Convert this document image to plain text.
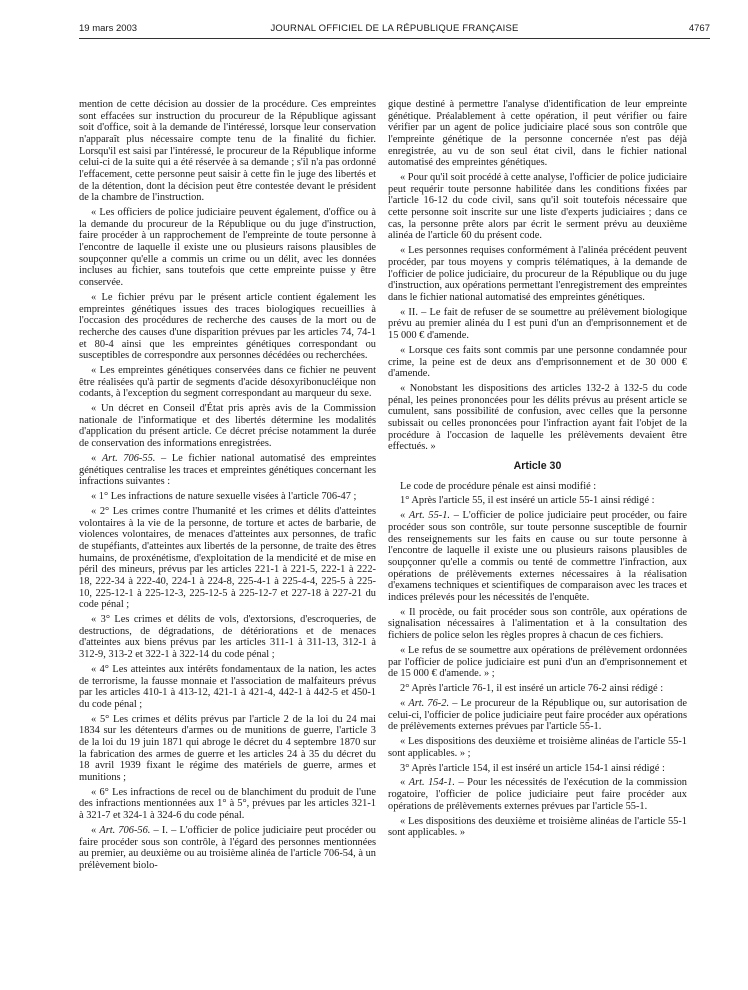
19 mars 2003	JOURNAL OFFICIEL DE LA RÉPUBLIQUE FRANÇAISE	4767

mention de cette décision au dossier de la procédure. Ces empreintes sont effacées sur instruction du procureur de la République agissant soit d'office, soit à la demande de l'intéressé, lorsque leur conservation n'apparaît plus nécessaire compte tenu de la finalité du fichier. Lorsqu'il est saisi par l'intéressé, le procureur de la République informe celui-ci de la suite qui a été réservée à sa demande ; s'il n'a pas ordonné l'effacement, cette personne peut saisir à cette fin le juge des libertés et de la détention, dont la décision peut être contestée devant le président de la chambre de l'instruction.

« Les officiers de police judiciaire peuvent également, d'office ou à la demande du procureur de la République ou du juge d'instruction, faire procéder à un rapprochement de l'empreinte de toute personne à l'encontre de laquelle il existe une ou plusieurs raisons plausibles de soupçonner qu'elle a commis un crime ou un délit, avec les données incluses au fichier, sans toutefois que cette empreinte puisse y être conservée.

« Le fichier prévu par le présent article contient également les empreintes génétiques issues des traces biologiques recueillies à l'occasion des procédures de recherche des causes de la mort ou de recherche des causes d'une disparition prévues par les articles 74, 74-1 et 80-4 ainsi que les empreintes génétiques correspondant ou susceptibles de correspondre aux personnes décédées ou recherchées.

« Les empreintes génétiques conservées dans ce fichier ne peuvent être réalisées qu'à partir de segments d'acide désoxyribonucléique non codants, à l'exception du segment correspondant au marqueur du sexe.

« Un décret en Conseil d'État pris après avis de la Commission nationale de l'informatique et des libertés détermine les modalités d'application du présent article. Ce décret précise notamment la durée de conservation des informations enregistrées.

« Art. 706-55. – Le fichier national automatisé des empreintes génétiques centralise les traces et empreintes génétiques concernant les infractions suivantes :

« 1° Les infractions de nature sexuelle visées à l'article 706-47 ;

« 2° Les crimes contre l'humanité et les crimes et délits d'atteintes volontaires à la vie de la personne, de torture et actes de barbarie, de violences volontaires, de menaces d'atteintes aux personnes, de trafic de stupéfiants, d'atteintes aux libertés de la personne, de traite des êtres humains, de proxénétisme, d'exploitation de la mendicité et de mise en péril des mineurs, prévus par les articles 221-1 à 221-5, 222-1 à 222-18, 222-34 à 222-40, 224-1 à 224-8, 225-4-1 à 225-4-4, 225-5 à 225-10, 225-12-1 à 225-12-3, 225-12-5 à 225-12-7 et 227-18 à 227-21 du code pénal ;

« 3° Les crimes et délits de vols, d'extorsions, d'escroqueries, de destructions, de dégradations, de détériorations et de menaces d'atteintes aux biens prévus par les articles 311-1 à 311-13, 312-1 à 312-9, 313-2 et 322-1 à 322-14 du code pénal ;

« 4° Les atteintes aux intérêts fondamentaux de la nation, les actes de terrorisme, la fausse monnaie et l'association de malfaiteurs prévus par les articles 410-1 à 413-12, 421-1 à 421-4, 442-1 à 442-5 et 450-1 du code pénal ;

« 5° Les crimes et délits prévus par l'article 2 de la loi du 24 mai 1834 sur les détenteurs d'armes ou de munitions de guerre, l'article 3 de la loi du 19 juin 1871 qui abroge le décret du 4 septembre 1870 sur la fabrication des armes de guerre et les articles 24 à 35 du décret du 18 avril 1939 fixant le régime des matériels de guerre, armes et munitions ;

« 6° Les infractions de recel ou de blanchiment du produit de l'une des infractions mentionnées aux 1° à 5°, prévues par les articles 321-1 à 321-7 et 324-1 à 324-6 du code pénal.

« Art. 706-56. – I. – L'officier de police judiciaire peut procéder ou faire procéder sous son contrôle, à l'égard des personnes mentionnées au premier, au deuxième ou au troisième alinéa de l'article 706-54, à un prélèvement biolo-

gique destiné à permettre l'analyse d'identification de leur empreinte génétique. Préalablement à cette opération, il peut vérifier ou faire vérifier par un agent de police judiciaire placé sous son contrôle que l'empreinte génétique de la personne concernée n'est pas déjà enregistrée, au vu de son seul état civil, dans le fichier national automatisé des empreintes génétiques.

« Pour qu'il soit procédé à cette analyse, l'officier de police judiciaire peut requérir toute personne habilitée dans les conditions fixées par l'article 16-12 du code civil, sans qu'il soit toutefois nécessaire que cette personne soit inscrite sur une liste d'experts judiciaires ; dans ce cas, la personne prête alors par écrit le serment prévu au deuxième alinéa de l'article 60 du présent code.

« Les personnes requises conformément à l'alinéa précédent peuvent procéder, par tous moyens y compris télématiques, à la demande de l'officier de police judiciaire, du procureur de la République ou du juge d'instruction, aux opérations permettant l'enregistrement des empreintes dans le fichier national automatisé des empreintes génétiques.

« II. – Le fait de refuser de se soumettre au prélèvement biologique prévu au premier alinéa du I est puni d'un an d'emprisonnement et de 15 000 € d'amende.

« Lorsque ces faits sont commis par une personne condamnée pour crime, la peine est de deux ans d'emprisonnement et de 30 000 € d'amende.

« Nonobstant les dispositions des articles 132-2 à 132-5 du code pénal, les peines prononcées pour les délits prévus au présent article se cumulent, sans possibilité de confusion, avec celles que la personne subissait ou celles prononcées pour l'infraction ayant fait l'objet de la procédure à l'occasion de laquelle les prélèvements devaient être effectués. »

Article 30

Le code de procédure pénale est ainsi modifié :

1° Après l'article 55, il est inséré un article 55-1 ainsi rédigé :

« Art. 55-1. – L'officier de police judiciaire peut procéder, ou faire procéder sous son contrôle, sur toute personne susceptible de fournir des renseignements sur les faits en cause ou sur toute personne à l'encontre de laquelle il existe une ou plusieurs raisons plausibles de soupçonner qu'elle a commis ou tenté de commettre l'infraction, aux opérations de prélèvements externes nécessaires à la réalisation d'examens techniques et scientifiques de comparaison avec les traces et indices prélevés pour les nécessités de l'enquête.

« Il procède, ou fait procéder sous son contrôle, aux opérations de signalisation nécessaires à l'alimentation et à la consultation des fichiers de police selon les règles propres à chacun de ces fichiers.

« Le refus de se soumettre aux opérations de prélèvement ordonnées par l'officier de police judiciaire est puni d'un an d'emprisonnement et de 15 000 € d'amende. » ;

2° Après l'article 76-1, il est inséré un article 76-2 ainsi rédigé :

« Art. 76-2. – Le procureur de la République ou, sur autorisation de celui-ci, l'officier de police judiciaire peut faire procéder aux opérations de prélèvements externes prévues par l'article 55-1.

« Les dispositions des deuxième et troisième alinéas de l'article 55-1 sont applicables. » ;

3° Après l'article 154, il est inséré un article 154-1 ainsi rédigé :

« Art. 154-1. – Pour les nécessités de l'exécution de la commission rogatoire, l'officier de police judiciaire peut faire procéder aux opérations de prélèvements externes prévues par l'article 55-1.

« Les dispositions des deuxième et troisième alinéas de l'article 55-1 sont applicables. »
